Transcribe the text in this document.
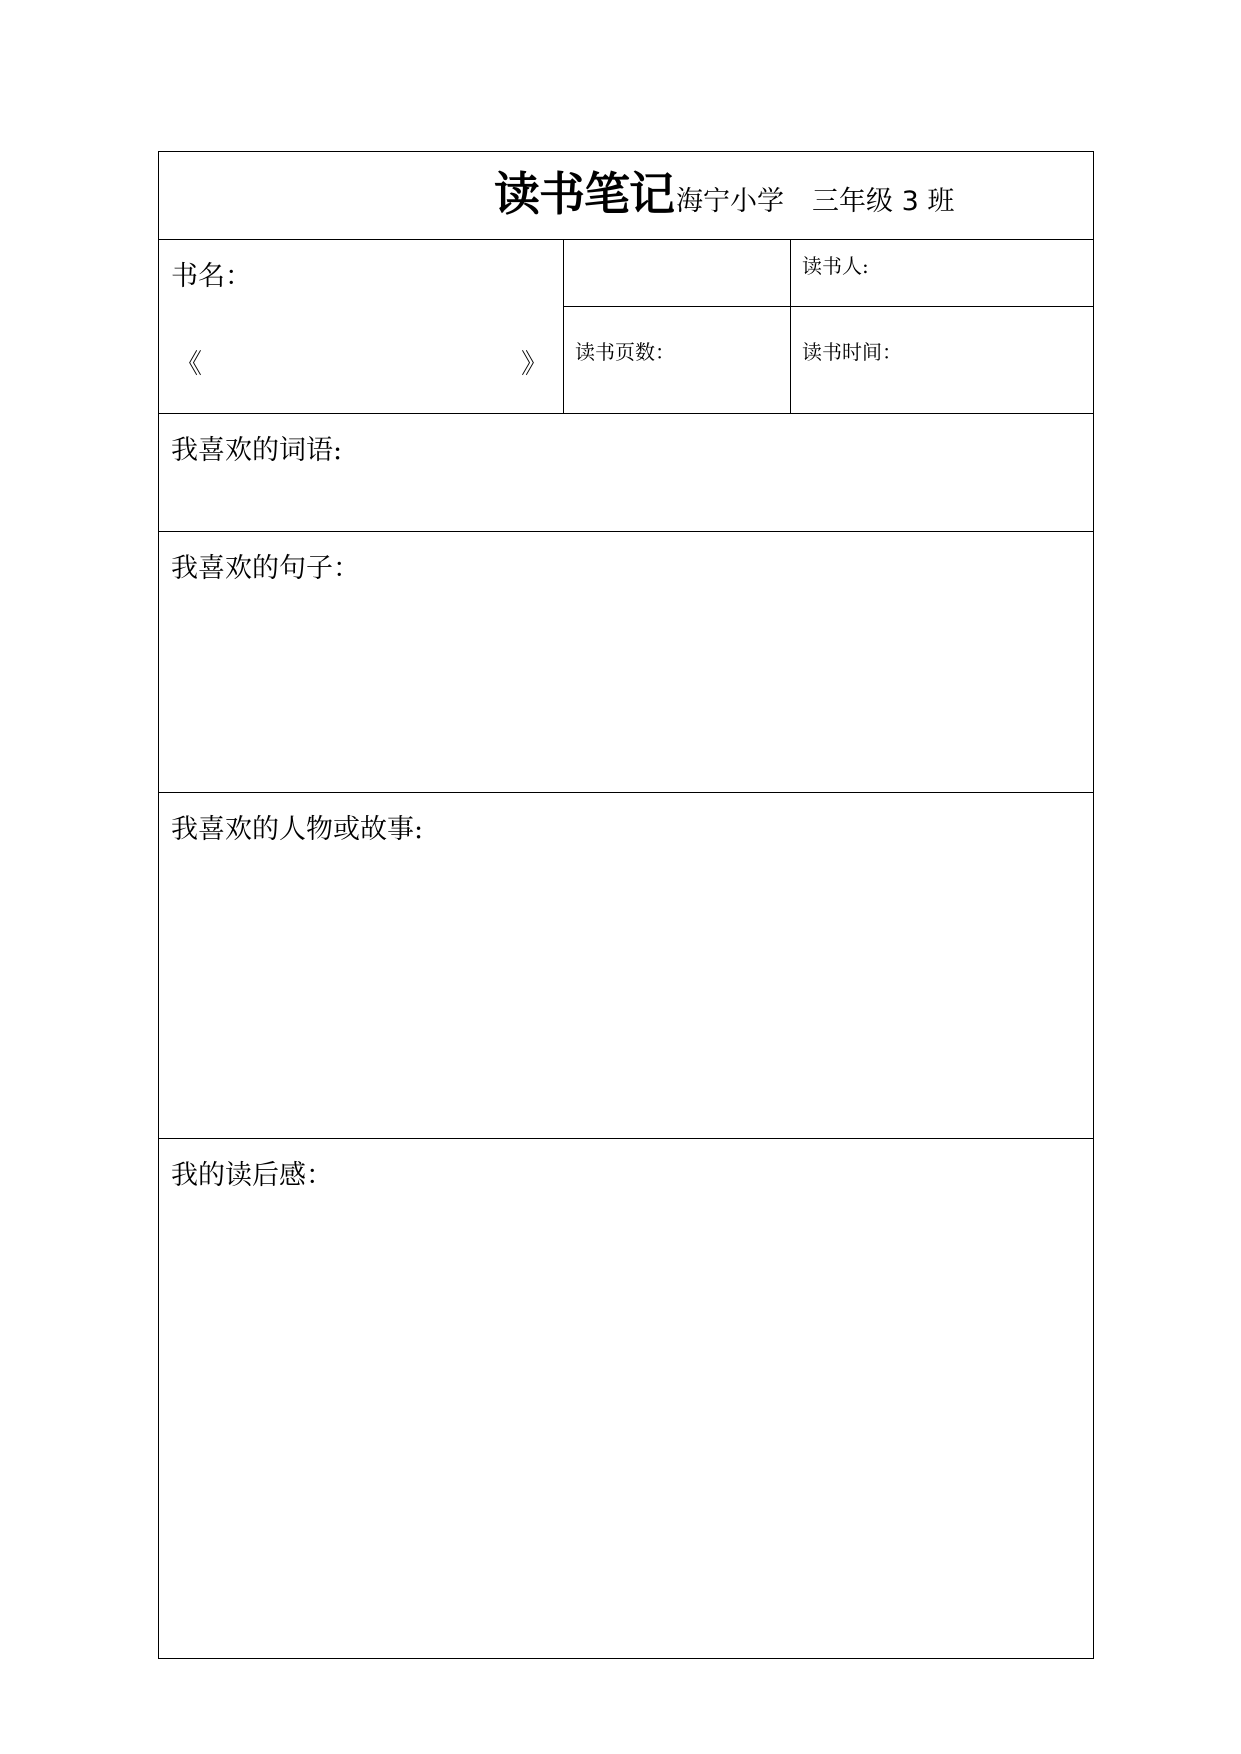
读书笔记海宁小学 三年级 3 班
书名：
《	》
读书人:
读书页数：	读书时间：
我喜欢的词语:
我喜欢的句子：
我喜欢的人物或故事:
我的读后感：
